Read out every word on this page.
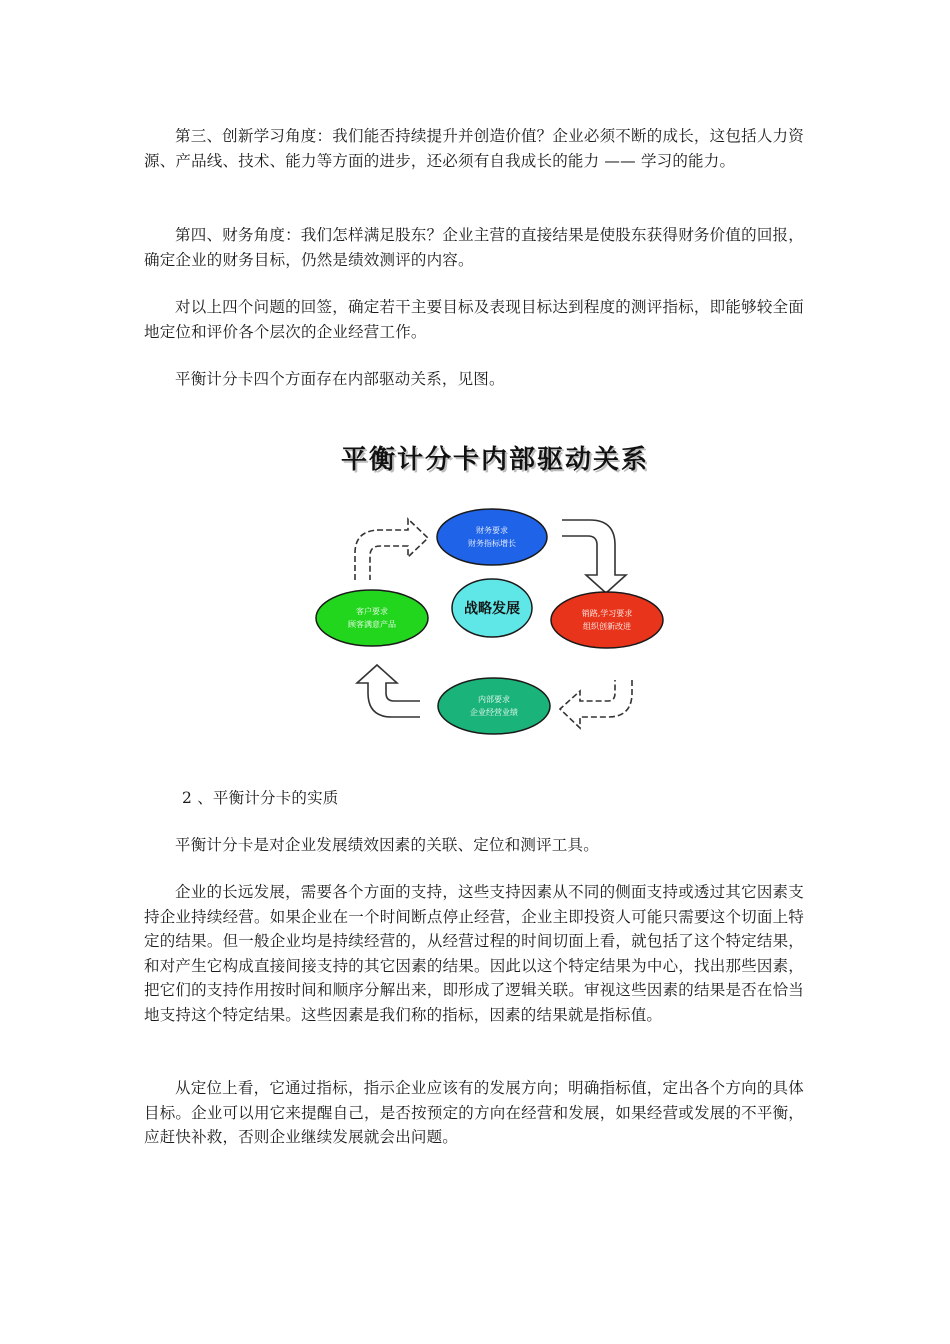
第三、创新学习角度：我们能否持续提升并创造价值？企业必须不断的成长，这包括人力资源、产品线、技术、能力等方面的进步，还必须有自我成长的能力 —— 学习的能力。

第四、财务角度：我们怎样满足股东？企业主营的直接结果是使股东获得财务价值的回报，确定企业的财务目标，仍然是绩效测评的内容。

对以上四个问题的回签，确定若干主要目标及表现目标达到程度的测评指标，即能够较全面地定位和评价各个层次的企业经营工作。

平衡计分卡四个方面存在内部驱动关系，见图。

平衡计分卡内部驱动关系
财务要求
财务指标增长
销路,学习要求
组织创新改进
内部要求
企业经营业绩
客户要求
顾客满意产品
战略发展

2 、平衡计分卡的实质

平衡计分卡是对企业发展绩效因素的关联、定位和测评工具。

企业的长远发展，需要各个方面的支持，这些支持因素从不同的侧面支持或透过其它因素支持企业持续经营。如果企业在一个时间断点停止经营，企业主即投资人可能只需要这个切面上特定的结果。但一般企业均是持续经营的，从经营过程的时间切面上看，就包括了这个特定结果，和对产生它构成直接间接支持的其它因素的结果。因此以这个特定结果为中心，找出那些因素，把它们的支持作用按时间和顺序分解出来，即形成了逻辑关联。审视这些因素的结果是否在恰当地支持这个特定结果。这些因素是我们称的指标，因素的结果就是指标值。

从定位上看，它通过指标，指示企业应该有的发展方向；明确指标值，定出各个方向的具体目标。企业可以用它来提醒自己，是否按预定的方向在经营和发展，如果经营或发展的不平衡，应赶快补救，否则企业继续发展就会出问题。
